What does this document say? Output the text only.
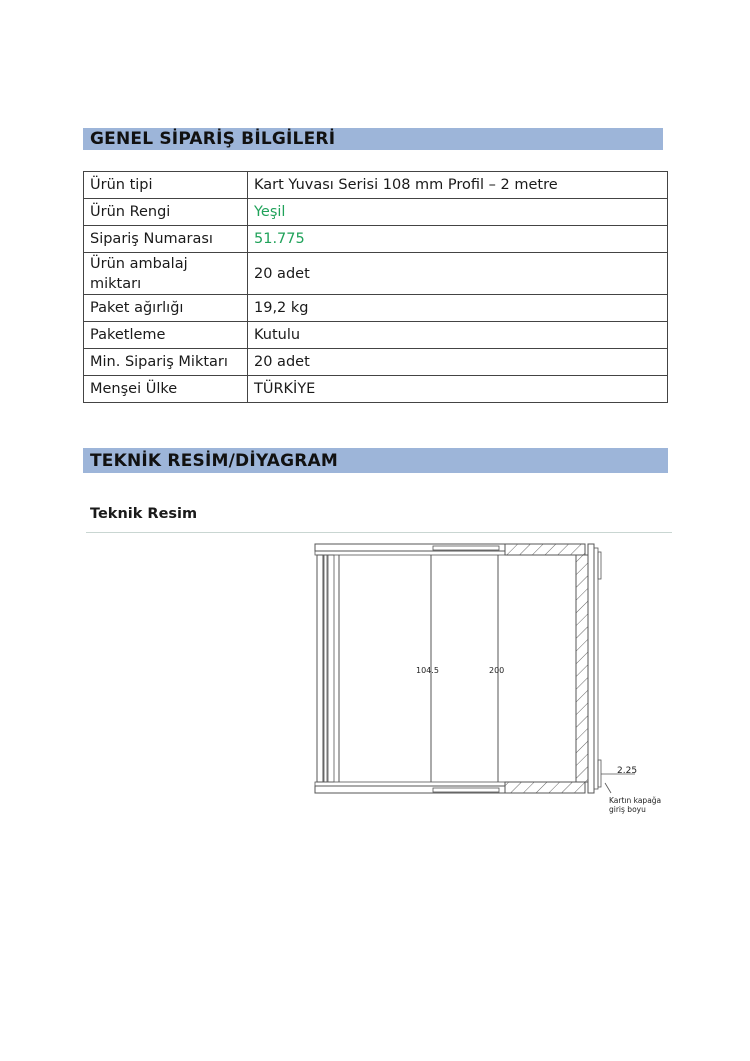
GENEL SİPARİŞ BİLGİLERİ
Ürün tipi	Kart Yuvası Serisi 108 mm Profil – 2 metre
Ürün Rengi	Yeşil
Sipariş Numarası	51.775
Ürün ambalaj miktarı	20 adet
Paket ağırlığı	19,2 kg
Paketleme	Kutulu
Min. Sipariş Miktarı	20 adet
Menşei Ülke	TÜRKİYE
TEKNİK RESİM/DİYAGRAM
Teknik Resim
104.5	200
2.25
Kartın kapağa
giriş boyu
